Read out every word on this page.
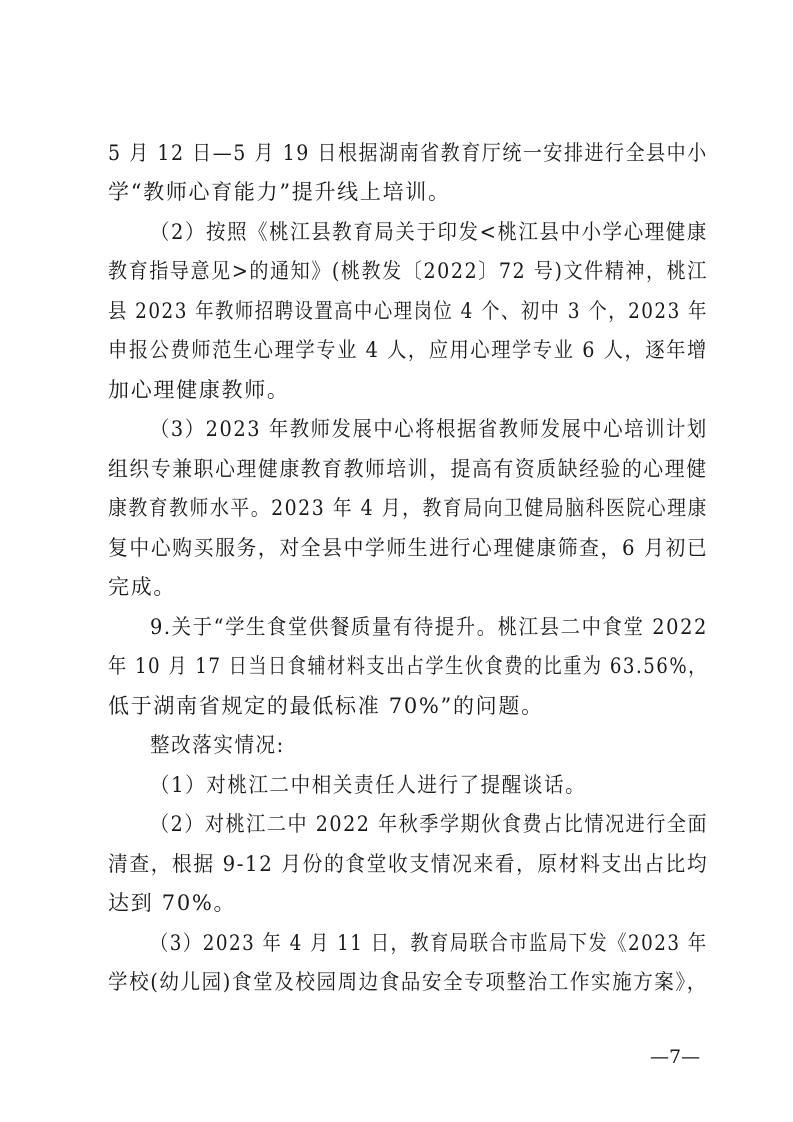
5 月 12 日—5 月 19 日根据湖南省教育厅统一安排进行全县中小
学“教师心育能力”提升线上培训。
（2）按照《桃江县教育局关于印发<桃江县中小学心理健康
教育指导意见>的通知》(桃教发〔2022〕72 号)文件精神，桃江
县 2023 年教师招聘设置高中心理岗位 4 个、初中 3 个，2023 年
申报公费师范生心理学专业 4 人，应用心理学专业 6 人，逐年增
加心理健康教师。
（3）2023 年教师发展中心将根据省教师发展中心培训计划
组织专兼职心理健康教育教师培训，提高有资质缺经验的心理健
康教育教师水平。2023 年 4 月，教育局向卫健局脑科医院心理康
复中心购买服务，对全县中学师生进行心理健康筛查，6 月初已
完成。
9.关于“学生食堂供餐质量有待提升。桃江县二中食堂 2022
年 10 月 17 日当日食辅材料支出占学生伙食费的比重为 63.56%，
低于湖南省规定的最低标准 70%”的问题。
整改落实情况:
（1）对桃江二中相关责任人进行了提醒谈话。
（2）对桃江二中 2022 年秋季学期伙食费占比情况进行全面
清查，根据 9-12 月份的食堂收支情况来看，原材料支出占比均
达到 70%。
（3）2023 年 4 月 11 日，教育局联合市监局下发《2023 年
学校(幼儿园)食堂及校园周边食品安全专项整治工作实施方案》，
—7—
